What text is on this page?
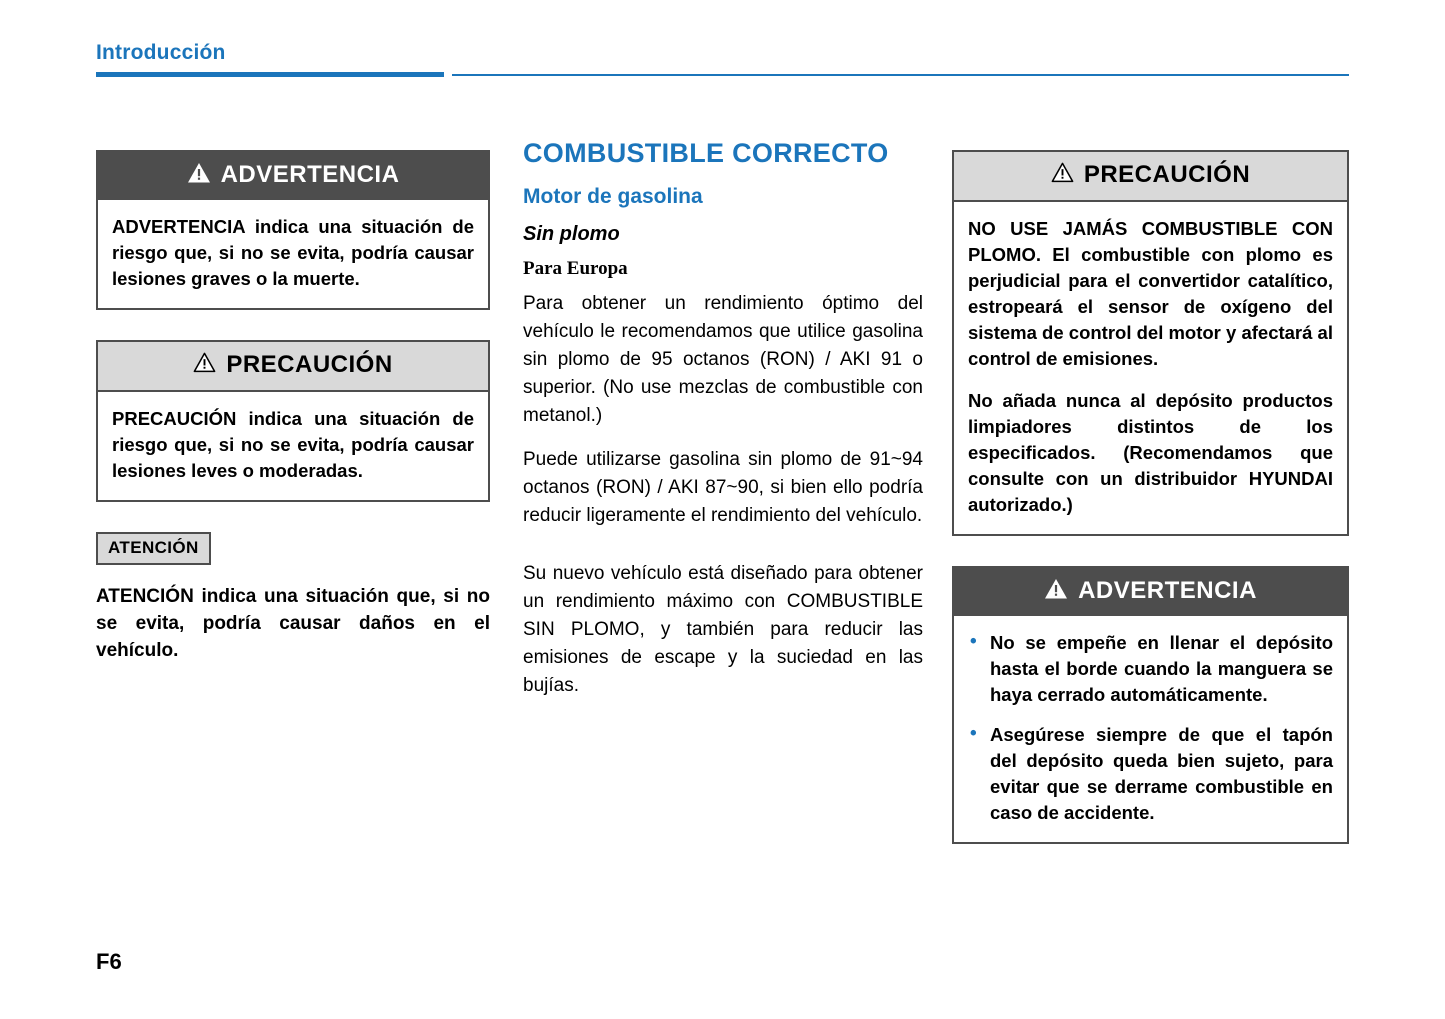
Introducción
ADVERTENCIA

ADVERTENCIA indica una situación de riesgo que, si no se evita, podría causar lesiones graves o la muerte.

PRECAUCIÓN

PRECAUCIÓN indica una situación de riesgo que, si no se evita, podría causar lesiones leves o moderadas.

ATENCIÓN
ATENCIÓN indica una situación que, si no se evita, podría causar daños en el vehículo.
COMBUSTIBLE CORRECTO
Motor de gasolina
Sin plomo
Para Europa

Para obtener un rendimiento óptimo del vehículo le recomendamos que utilice gasolina sin plomo de 95 octanos (RON) / AKI 91 o superior. (No use mezclas de combustible con metanol.)

Puede utilizarse gasolina sin plomo de 91~94 octanos (RON) / AKI 87~90, si bien ello podría reducir ligeramente el rendimiento del vehículo.

Su nuevo vehículo está diseñado para obtener un rendimiento máximo con COMBUSTIBLE SIN PLOMO, y también para reducir las emisiones de escape y la suciedad en las bujías.

PRECAUCIÓN

NO USE JAMÁS COMBUSTIBLE CON PLOMO. El combustible con plomo es perjudicial para el convertidor catalítico, estropeará el sensor de oxígeno del sistema de control del motor y afectará al control de emisiones.

No añada nunca al depósito productos limpiadores distintos de los especificados. (Recomendamos que consulte con un distribuidor HYUNDAI autorizado.)

ADVERTENCIA
• No se empeñe en llenar el depósito hasta el borde cuando la manguera se haya cerrado automáticamente.
• Asegúrese siempre de que el tapón del depósito queda bien sujeto, para evitar que se derrame combustible en caso de accidente.
F6
